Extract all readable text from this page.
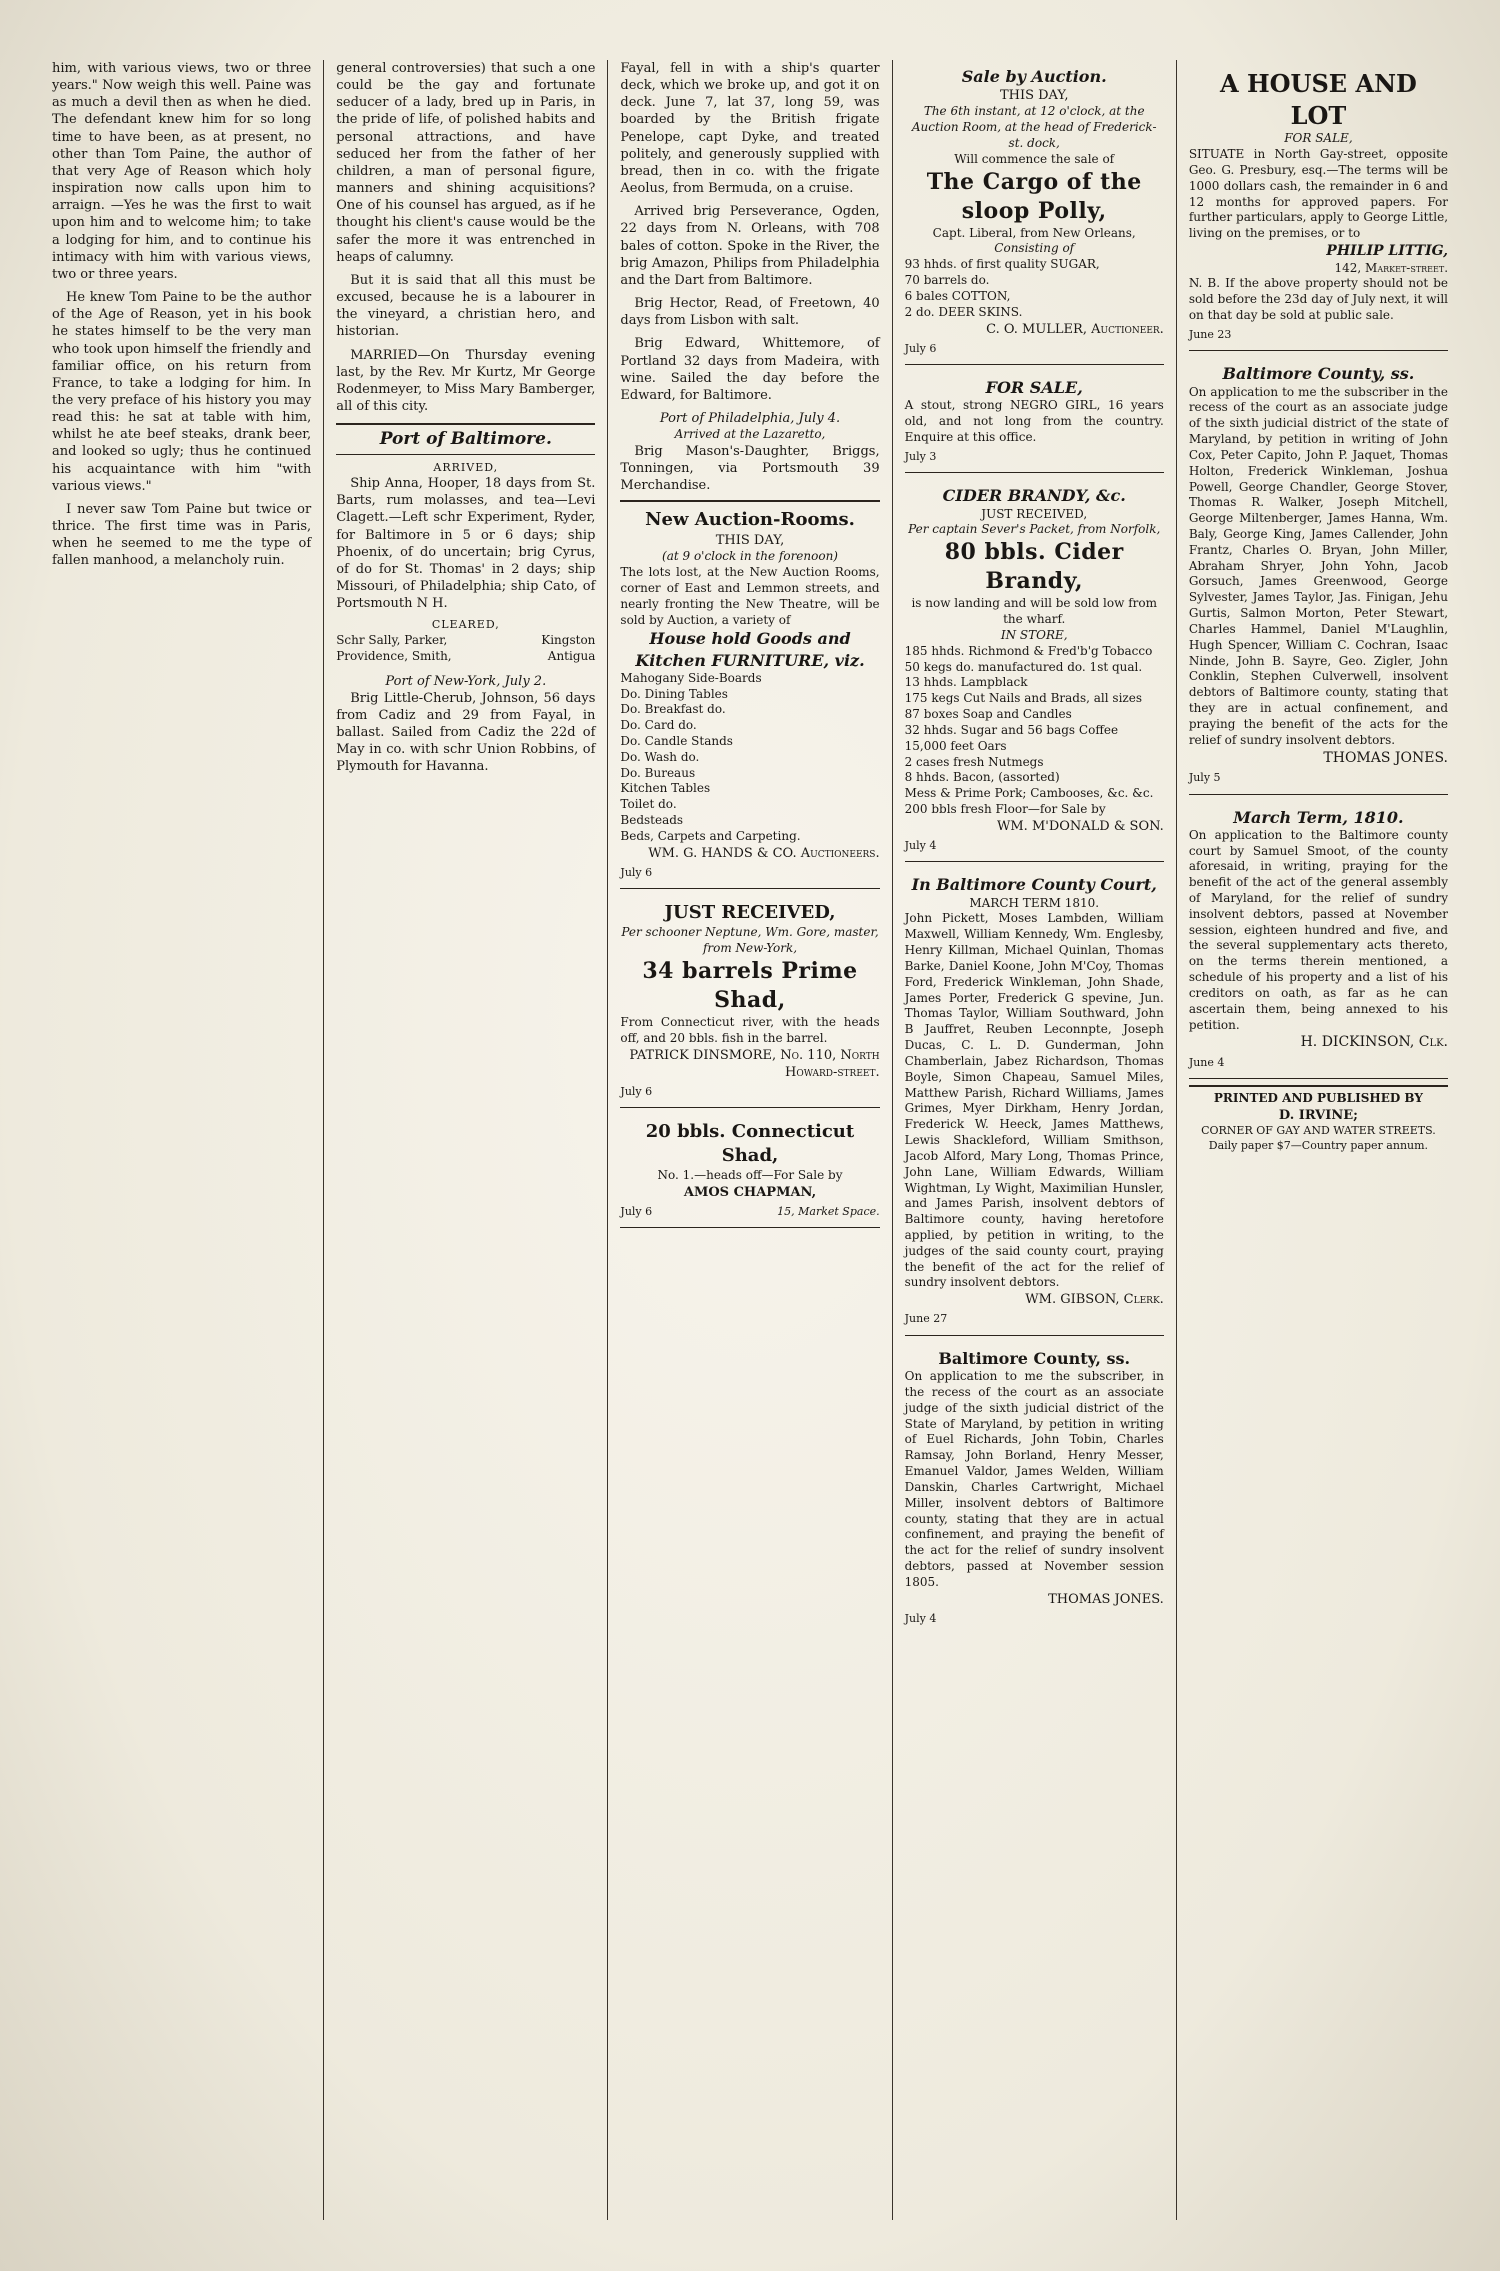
him, with various views, two or three years." Now weigh this well. Paine was as much a devil then as when he died. The defendant knew him for so long time to have been, as at present, no other than Tom Paine, the author of that very Age of Reason which holy inspiration now calls upon him to arraign. —Yes he was the first to wait upon him and to welcome him; to take a lodging for him, and to continue his intimacy with him with various views, two or three years.

He knew Tom Paine to be the author of the Age of Reason, yet in his book he states himself to be the very man who took upon himself the friendly and familiar office, on his return from France, to take a lodging for him. In the very preface of his history you may read this: he sat at table with him, whilst he ate beef steaks, drank beer, and looked so ugly; thus he continued his acquaintance with him "with various views."

I never saw Tom Paine but twice or thrice. The first time was in Paris, when he seemed to me the type of fallen manhood, a melancholy ruin.

general controversies) that such a one could be the gay and fortunate seducer of a lady, bred up in Paris, in the pride of life, of polished habits and personal attractions, and have seduced her from the father of her children, a man of personal figure, manners and shining acquisitions? One of his counsel has argued, as if he thought his client's cause would be the safer the more it was entrenched in heaps of calumny.

But it is said that all this must be excused, because he is a labourer in the vineyard, a christian hero, and historian.

MARRIED—On Thursday evening last, by the Rev. Mr Kurtz, Mr George Rodenmeyer, to Miss Mary Bamberger, all of this city.

Port of Baltimore.
ARRIVED,

Ship Anna, Hooper, 18 days from St. Barts, rum molasses, and tea—Levi Clagett.—Left schr Experiment, Ryder, for Baltimore in 5 or 6 days; ship Phoenix, of do uncertain; brig Cyrus, of do for St. Thomas' in 2 days; ship Missouri, of Philadelphia; ship Cato, of Portsmouth N H.

CLEARED,
Schr Sally, Parker,	Kingston
Providence, Smith,	Antigua
Port of New-York, July 2.

Brig Little-Cherub, Johnson, 56 days from Cadiz and 29 from Fayal, in ballast. Sailed from Cadiz the 22d of May in co. with schr Union Robbins, of Plymouth for Havanna.

Fayal, fell in with a ship's quarter deck, which we broke up, and got it on deck. June 7, lat 37, long 59, was boarded by the British frigate Penelope, capt Dyke, and treated politely, and generously supplied with bread, then in co. with the frigate Aeolus, from Bermuda, on a cruise.

Arrived brig Perseverance, Ogden, 22 days from N. Orleans, with 708 bales of cotton. Spoke in the River, the brig Amazon, Philips from Philadelphia and the Dart from Baltimore.

Brig Hector, Read, of Freetown, 40 days from Lisbon with salt.

Brig Edward, Whittemore, of Portland 32 days from Madeira, with wine. Sailed the day before the Edward, for Baltimore.

Port of Philadelphia, July 4.
Arrived at the Lazaretto,

Brig Mason's-Daughter, Briggs, Tonningen, via Portsmouth 39 Merchandise.

New Auction-Rooms.
THIS DAY,
(at 9 o'clock in the forenoon)
The lots lost, at the New Auction Rooms, corner of East and Lemmon streets, and nearly fronting the New Theatre, will be sold by Auction, a variety of
House hold Goods and Kitchen FURNITURE, viz.
Mahogany Side-Boards
Do. Dining Tables
Do. Breakfast do.
Do. Card do.
Do. Candle Stands
Do. Wash do.
Do. Bureaus
Kitchen Tables
Toilet do.
Bedsteads
Beds, Carpets and Carpeting.
WM. G. HANDS & CO. Auctioneers.
July 6
JUST RECEIVED,
Per schooner Neptune, Wm. Gore, master, from New-York,
34 barrels Prime Shad,
From Connecticut river, with the heads off, and 20 bbls. fish in the barrel.
PATRICK DINSMORE, No. 110, North Howard-street.
July 6
20 bbls. Connecticut Shad,
No. 1.—heads off—For Sale by
AMOS CHAPMAN,
July 6	15, Market Space.
Sale by Auction.
THIS DAY,
The 6th instant, at 12 o'clock, at the Auction Room, at the head of Frederick-st. dock,
Will commence the sale of
The Cargo of the sloop Polly,
Capt. Liberal, from New Orleans,
Consisting of
93 hhds. of first quality SUGAR,
70 barrels do.
6 bales COTTON,
2 do. DEER SKINS.
C. O. MULLER, Auctioneer.
July 6
FOR SALE,
A stout, strong NEGRO GIRL, 16 years old, and not long from the country. Enquire at this office.
July 3
CIDER BRANDY, &c.
JUST RECEIVED,
Per captain Sever's Packet, from Norfolk,
80 bbls. Cider Brandy,
is now landing and will be sold low from the wharf.
IN STORE,
185 hhds. Richmond & Fred'b'g Tobacco
50 kegs do. manufactured do. 1st qual.
13 hhds. Lampblack
175 kegs Cut Nails and Brads, all sizes
87 boxes Soap and Candles
32 hhds. Sugar and 56 bags Coffee
15,000 feet Oars
2 cases fresh Nutmegs
8 hhds. Bacon, (assorted)
Mess & Prime Pork; Cambooses, &c. &c.
200 bbls fresh Floor—for Sale by
WM. M'DONALD & SON.
July 4
In Baltimore County Court,
MARCH TERM 1810.
John Pickett, Moses Lambden, William Maxwell, William Kennedy, Wm. Englesby, Henry Killman, Michael Quinlan, Thomas Barke, Daniel Koone, John M'Coy, Thomas Ford, Frederick Winkleman, John Shade, James Porter, Frederick G spevine, Jun. Thomas Taylor, William Southward, John B Jauffret, Reuben Leconnpte, Joseph Ducas, C. L. D. Gunderman, John Chamberlain, Jabez Richardson, Thomas Boyle, Simon Chapeau, Samuel Miles, Matthew Parish, Richard Williams, James Grimes, Myer Dirkham, Henry Jordan, Frederick W. Heeck, James Matthews, Lewis Shackleford, William Smithson, Jacob Alford, Mary Long, Thomas Prince, John Lane, William Edwards, William Wightman, Ly Wight, Maximilian Hunsler, and James Parish, insolvent debtors of Baltimore county, having heretofore applied, by petition in writing, to the judges of the said county court, praying the benefit of the act for the relief of sundry insolvent debtors.
WM. GIBSON, Clerk.
June 27
Baltimore County, ss.
On application to me the subscriber, in the recess of the court as an associate judge of the sixth judicial district of the State of Maryland, by petition in writing of Euel Richards, John Tobin, Charles Ramsay, John Borland, Henry Messer, Emanuel Valdor, James Welden, William Danskin, Charles Cartwright, Michael Miller, insolvent debtors of Baltimore county, stating that they are in actual confinement, and praying the benefit of the act for the relief of sundry insolvent debtors, passed at November session 1805.
THOMAS JONES.
July 4
A HOUSE AND LOT
FOR SALE,
SITUATE in North Gay-street, opposite Geo. G. Presbury, esq.—The terms will be 1000 dollars cash, the remainder in 6 and 12 months for approved papers. For further particulars, apply to George Little, living on the premises, or to
PHILIP LITTIG,
142, Market-street.
N. B. If the above property should not be sold before the 23d day of July next, it will on that day be sold at public sale.
June 23
Baltimore County, ss.
On application to me the subscriber in the recess of the court as an associate judge of the sixth judicial district of the state of Maryland, by petition in writing of John Cox, Peter Capito, John P. Jaquet, Thomas Holton, Frederick Winkleman, Joshua Powell, George Chandler, George Stover, Thomas R. Walker, Joseph Mitchell, George Miltenberger, James Hanna, Wm. Baly, George King, James Callender, John Frantz, Charles O. Bryan, John Miller, Abraham Shryer, John Yohn, Jacob Gorsuch, James Greenwood, George Sylvester, James Taylor, Jas. Finigan, Jehu Gurtis, Salmon Morton, Peter Stewart, Charles Hammel, Daniel M'Laughlin, Hugh Spencer, William C. Cochran, Isaac Ninde, John B. Sayre, Geo. Zigler, John Conklin, Stephen Culverwell, insolvent debtors of Baltimore county, stating that they are in actual confinement, and praying the benefit of the acts for the relief of sundry insolvent debtors.
THOMAS JONES.
July 5
March Term, 1810.
On application to the Baltimore county court by Samuel Smoot, of the county aforesaid, in writing, praying for the benefit of the act of the general assembly of Maryland, for the relief of sundry insolvent debtors, passed at November session, eighteen hundred and five, and the several supplementary acts thereto, on the terms therein mentioned, a schedule of his property and a list of his creditors on oath, as far as he can ascertain them, being annexed to his petition.
H. DICKINSON, Clk.
June 4
PRINTED AND PUBLISHED BY
D. IRVINE;
CORNER OF GAY AND WATER STREETS.
Daily paper $7—Country paper annum.
